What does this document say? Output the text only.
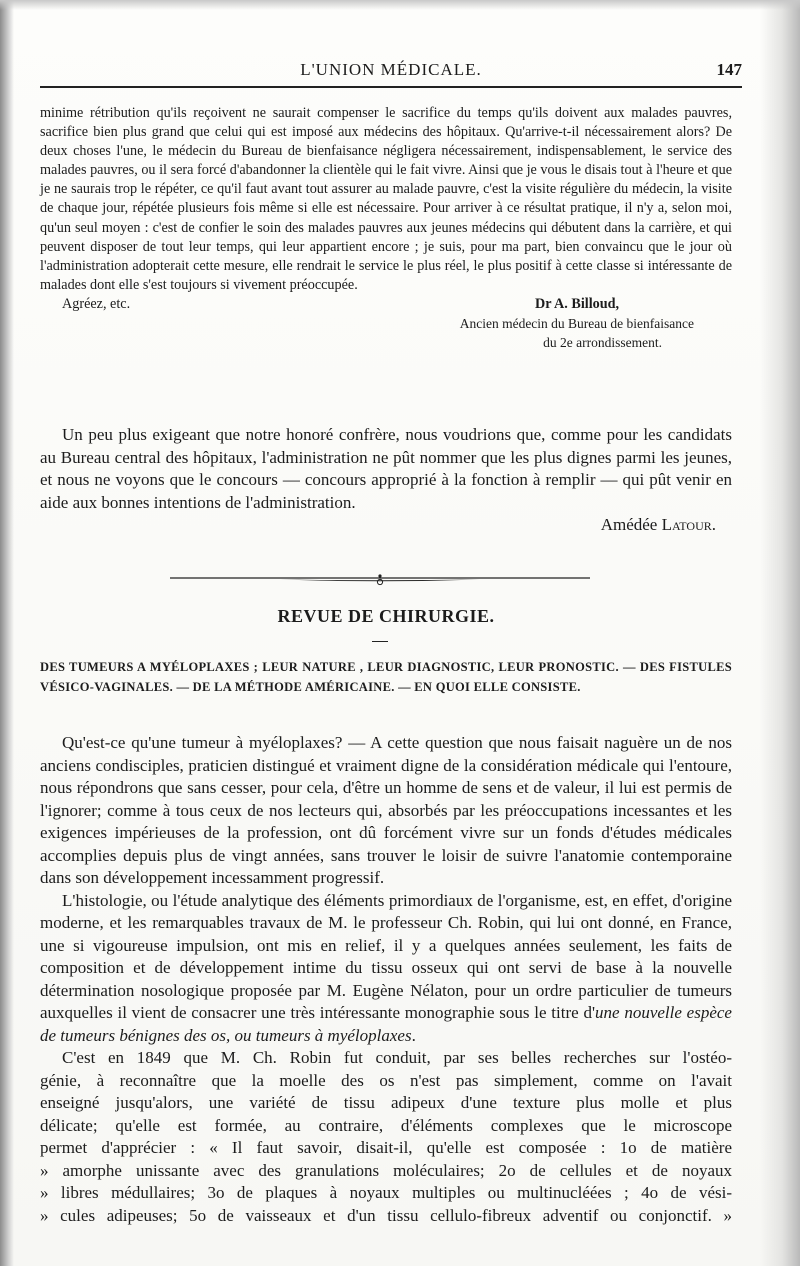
L'UNION MÉDICALE.	147

minime rétribution qu'ils reçoivent ne saurait compenser le sacrifice du temps qu'ils doivent aux malades pauvres, sacrifice bien plus grand que celui qui est imposé aux médecins des hôpitaux. Qu'arrive-t-il nécessairement alors? De deux choses l'une, le médecin du Bureau de bienfaisance négligera nécessairement, indispensablement, le service des malades pauvres, ou il sera forcé d'abandonner la clientèle qui le fait vivre. Ainsi que je vous le disais tout à l'heure et que je ne saurais trop le répéter, ce qu'il faut avant tout assurer au malade pauvre, c'est la visite régulière du médecin, la visite de chaque jour, répétée plusieurs fois même si elle est nécessaire. Pour arriver à ce résultat pratique, il n'y a, selon moi, qu'un seul moyen : c'est de confier le soin des malades pauvres aux jeunes médecins qui débutent dans la carrière, et qui peuvent disposer de tout leur temps, qui leur appartient encore ; je suis, pour ma part, bien convaincu que le jour où l'administration adopterait cette mesure, elle rendrait le service le plus réel, le plus positif à cette classe si intéressante de malades dont elle s'est toujours si vivement préoccupée.

Agréez, etc.	Dr A. Billoud,
Ancien médecin du Bureau de bienfaisance
du 2e arrondissement.

Un peu plus exigeant que notre honoré confrère, nous voudrions que, comme pour les candidats au Bureau central des hôpitaux, l'administration ne pût nommer que les plus dignes parmi les jeunes, et nous ne voyons que le concours — concours approprié à la fonction à remplir — qui pût venir en aide aux bonnes intentions de l'administration.

Amédée Latour.
REVUE DE CHIRURGIE.
DES TUMEURS A MYÉLOPLAXES ; LEUR NATURE , LEUR DIAGNOSTIC, LEUR PRONOSTIC. — DES FISTULES VÉSICO-VAGINALES. — DE LA MÉTHODE AMÉRICAINE. — EN QUOI ELLE CONSISTE.

Qu'est-ce qu'une tumeur à myéloplaxes? — A cette question que nous faisait naguère un de nos anciens condisciples, praticien distingué et vraiment digne de la considération médicale qui l'entoure, nous répondrons que sans cesser, pour cela, d'être un homme de sens et de valeur, il lui est permis de l'ignorer; comme à tous ceux de nos lecteurs qui, absorbés par les préoccupations incessantes et les exigences impérieuses de la profession, ont dû forcément vivre sur un fonds d'études médicales accomplies depuis plus de vingt années, sans trouver le loisir de suivre l'anatomie contemporaine dans son développement incessamment progressif.

L'histologie, ou l'étude analytique des éléments primordiaux de l'organisme, est, en effet, d'origine moderne, et les remarquables travaux de M. le professeur Ch. Robin, qui lui ont donné, en France, une si vigoureuse impulsion, ont mis en relief, il y a quelques années seulement, les faits de composition et de développement intime du tissu osseux qui ont servi de base à la nouvelle détermination nosologique proposée par M. Eugène Nélaton, pour un ordre particulier de tumeurs auxquelles il vient de consacrer une très intéressante monographie sous le titre d'une nouvelle espèce de tumeurs bénignes des os, ou tumeurs à myéloplaxes.

C'est en 1849 que M. Ch. Robin fut conduit, par ses belles recherches sur l'ostéo-
génie, à reconnaître que la moelle des os n'est pas simplement, comme on l'avait
enseigné jusqu'alors, une variété de tissu adipeux d'une texture plus molle et plus
délicate; qu'elle est formée, au contraire, d'éléments complexes que le microscope
permet d'apprécier : « Il faut savoir, disait-il, qu'elle est composée : 1o de matière
» amorphe unissante avec des granulations moléculaires; 2o de cellules et de noyaux
» libres médullaires; 3o de plaques à noyaux multiples ou multinucléées ; 4o de vési-
» cules adipeuses; 5o de vaisseaux et d'un tissu cellulo-fibreux adventif ou conjonctif. »
